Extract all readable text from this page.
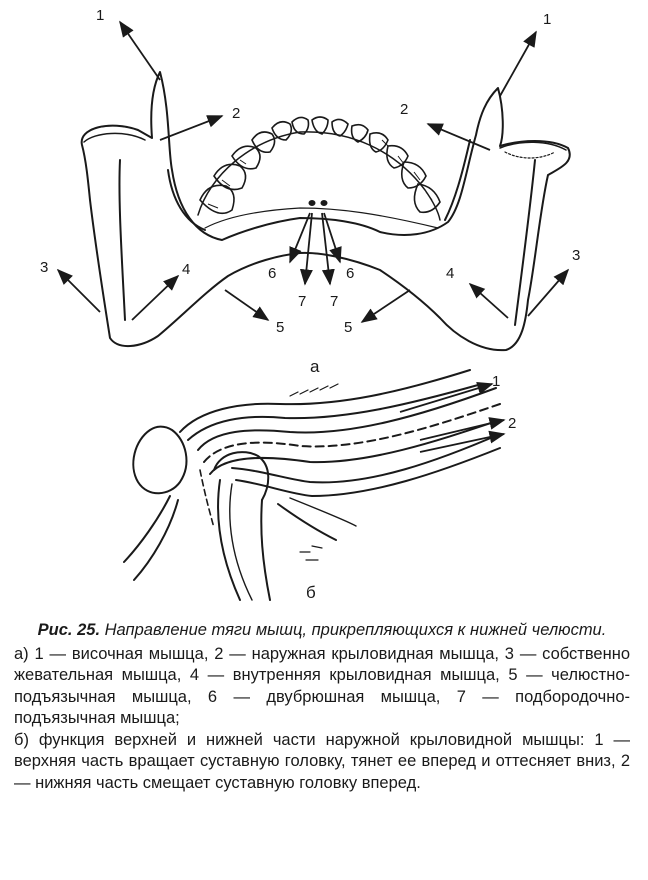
1	1
2	2
3
3
4	4
5	5
6	6
7 7
а
1
2
б

Рис. 25. Направление тяги мышц, прикрепляющихся к нижней челюсти.

а) 1 — височная мышца, 2 — наружная крыловидная мышца, 3 — собственно жевательная мышца, 4 — внутренняя крыловидная мышца, 5 — челюстно-подъязычная мышца, 6 — двубрюшная мышца, 7 — подбородочно-подъязычная мышца;

б) функция верхней и нижней части наружной крыловидной мышцы: 1 — верхняя часть вращает суставную головку, тянет ее вперед и оттесняет вниз, 2 — нижняя часть смещает суставную головку вперед.
